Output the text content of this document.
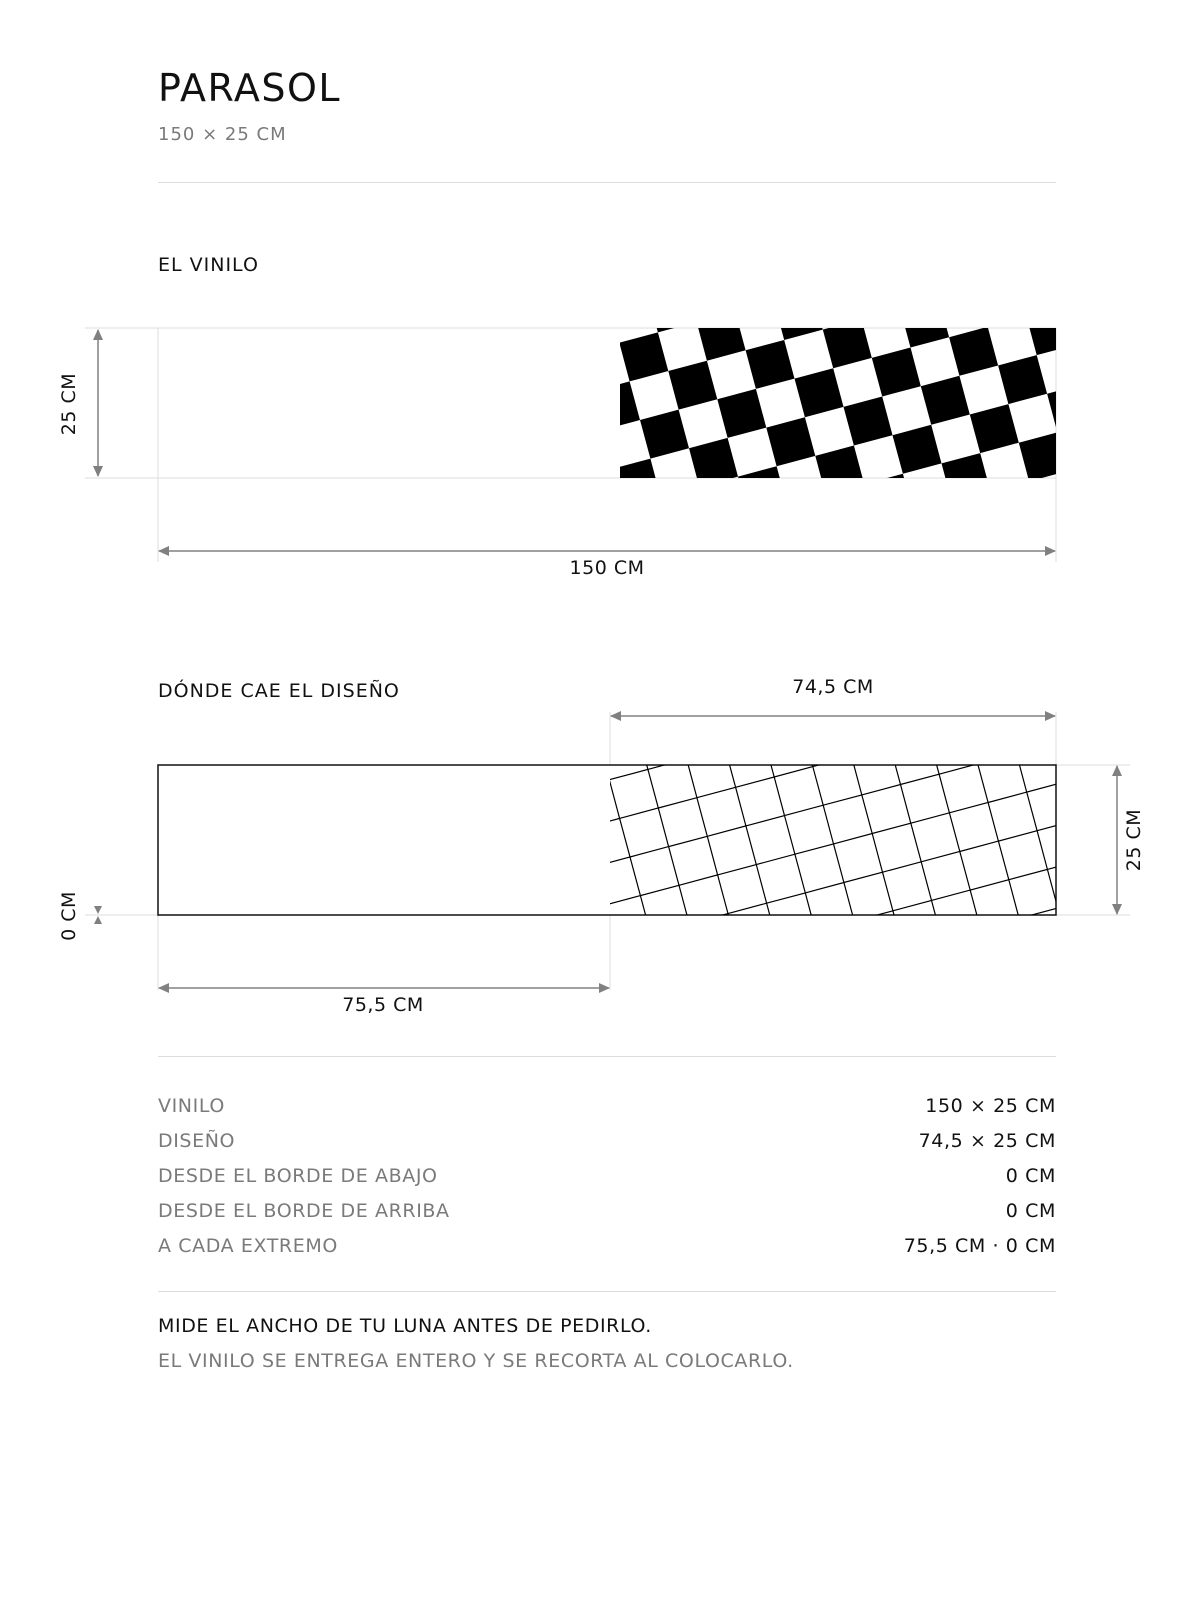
PARASOL
150 × 25 CM
EL VINILO
DÓNDE CAE EL DISEÑO
25 CM
150 CM
74,5 CM
25 CM
0 CM
75,5 CM
VINILO	150 × 25 CM
DISEÑO	74,5 × 25 CM
DESDE EL BORDE DE ABAJO	0 CM
DESDE EL BORDE DE ARRIBA	0 CM
A CADA EXTREMO	75,5 CM · 0 CM
MIDE EL ANCHO DE TU LUNA ANTES DE PEDIRLO.
EL VINILO SE ENTREGA ENTERO Y SE RECORTA AL COLOCARLO.
